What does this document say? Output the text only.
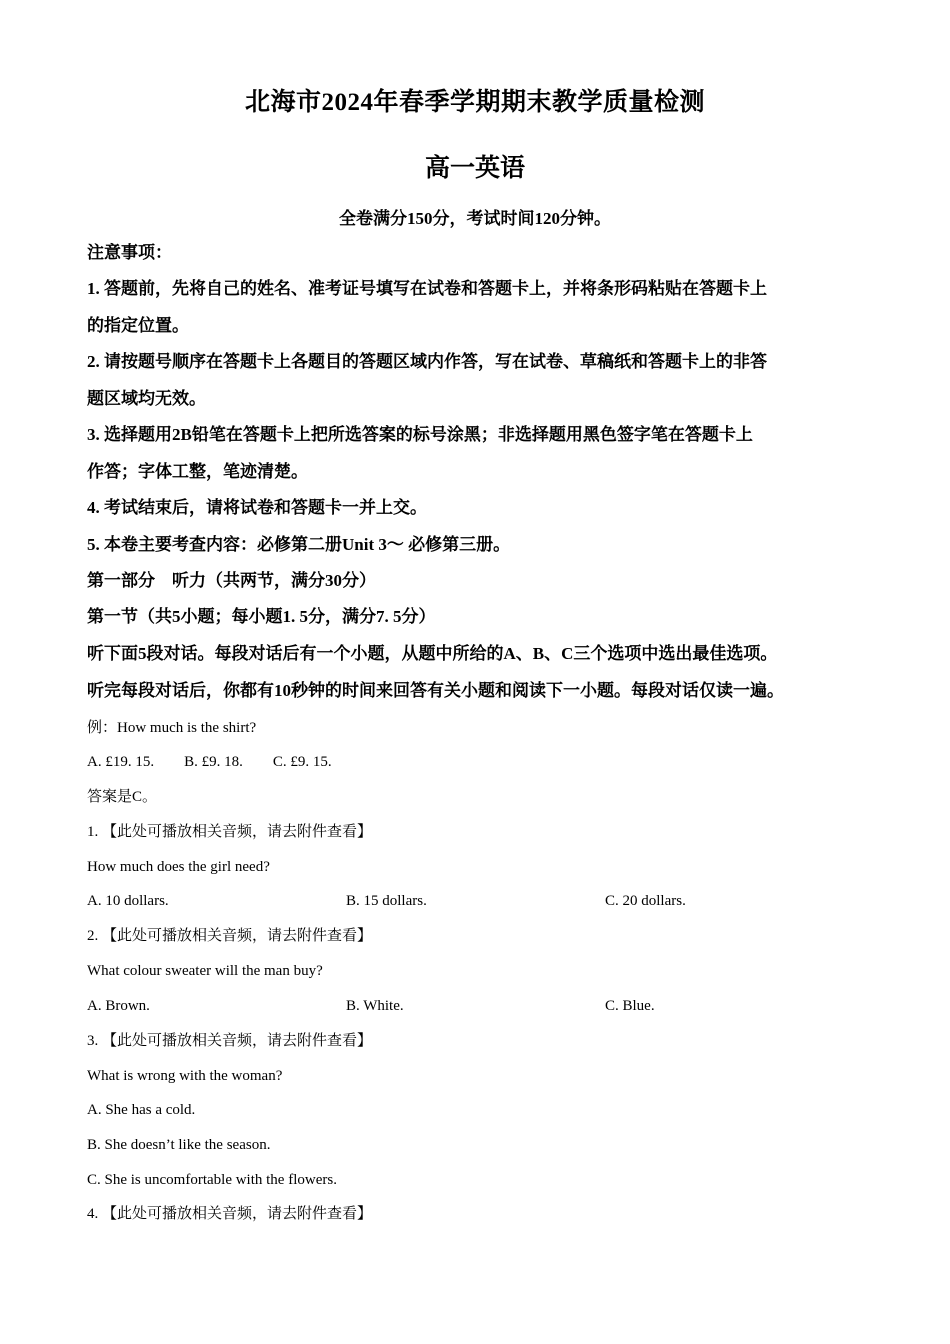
北海市2024年春季学期期末教学质量检测
高一英语
全卷满分150分，考试时间120分钟。
注意事项：
1. 答题前，先将自己的姓名、准考证号填写在试卷和答题卡上，并将条形码粘贴在答题卡上
的指定位置。
2. 请按题号顺序在答题卡上各题目的答题区域内作答，写在试卷、草稿纸和答题卡上的非答
题区域均无效。
3. 选择题用2B铅笔在答题卡上把所选答案的标号涂黑；非选择题用黑色签字笔在答题卡上
作答；字体工整，笔迹清楚。
4. 考试结束后，请将试卷和答题卡一并上交。
5. 本卷主要考查内容：必修第二册Unit 3～ 必修第三册。
第一部分　听力（共两节，满分30分）
第一节（共5小题；每小题1. 5分，满分7. 5分）
听下面5段对话。每段对话后有一个小题，从题中所给的A、B、C三个选项中选出最佳选项。
听完每段对话后，你都有10秒钟的时间来回答有关小题和阅读下一小题。每段对话仅读一遍。
例：How much is the shirt?
A. £19. 15.　　B. £9. 18.　　C. £9. 15.
答案是C。
1. 【此处可播放相关音频，请去附件查看】
How much does the girl need?
A. 10 dollars.	B. 15 dollars.	C. 20 dollars.
2. 【此处可播放相关音频，请去附件查看】
What colour sweater will the man buy?
A. Brown.	B. White.	C. Blue.
3. 【此处可播放相关音频，请去附件查看】
What is wrong with the woman?
A. She has a cold.
B. She doesn’t like the season.
C. She is uncomfortable with the flowers.
4. 【此处可播放相关音频，请去附件查看】
